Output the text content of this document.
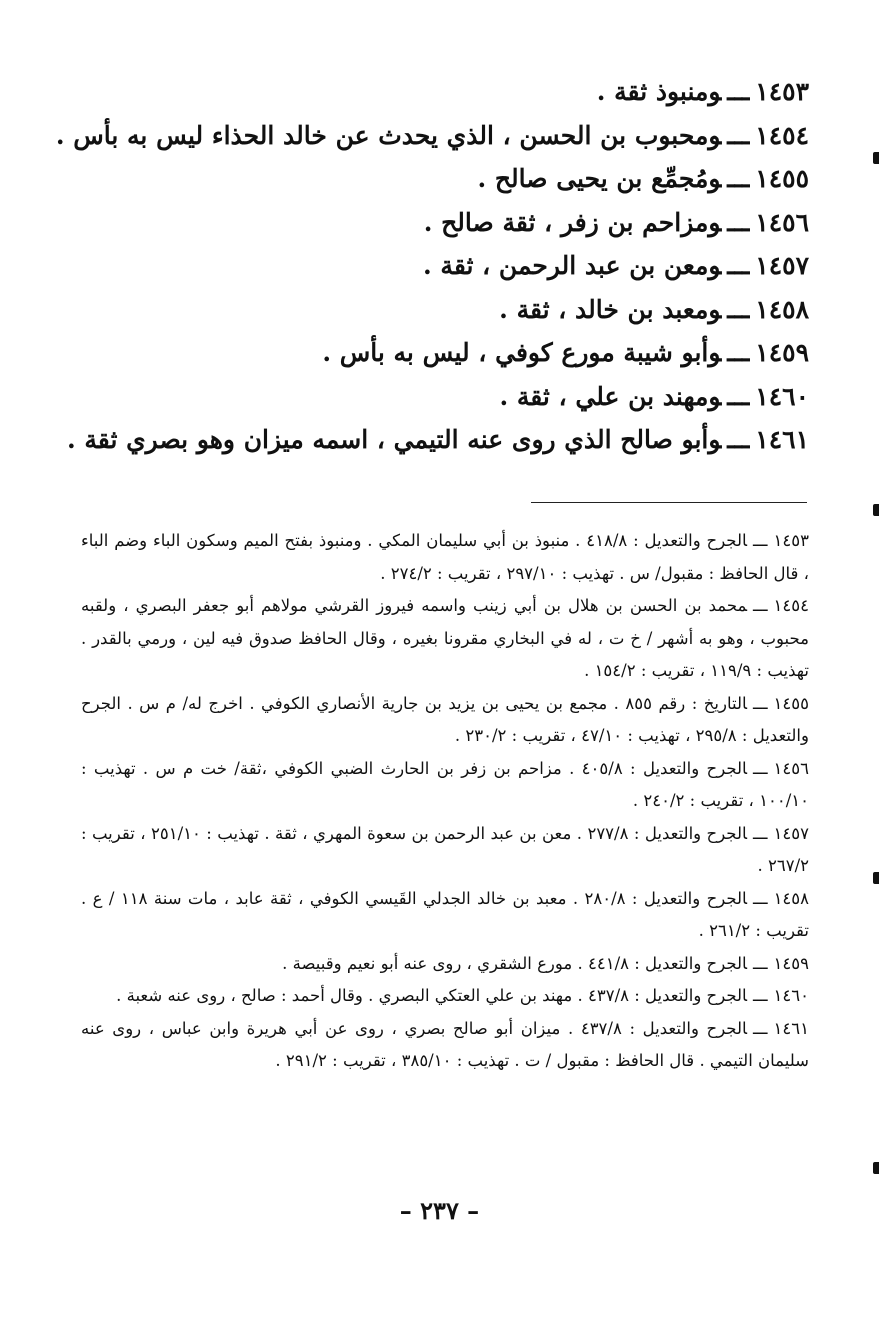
١٤٥٣ـــومنبوذ ثقة .
١٤٥٤ـــومحبوب بن الحسن ، الذي يحدث عن خالد الحذاء ليس به بأس .
١٤٥٥ـــومُجمِّع بن يحيى صالح .
١٤٥٦ـــومزاحم بن زفر ، ثقة صالح .
١٤٥٧ـــومعن بن عبد الرحمن ، ثقة .
١٤٥٨ـــومعبد بن خالد ، ثقة .
١٤٥٩ـــوأبو شيبة مورع كوفي ، ليس به بأس .
١٤٦٠ـــومهند بن علي ، ثقة .
١٤٦١ـــوأبو صالح الذي روى عنه التيمي ، اسمه ميزان وهو بصري ثقة .
١٤٥٣ـــالجرح والتعديل : ٤١٨/٨ . منبوذ بن أبي سليمان المكي . ومنبوذ بفتح الميم وسكون الباء وضم الباء ، قال الحافظ : مقبول/ س . تهذيب : ٢٩٧/١٠ ، تقريب : ٢٧٤/٢ .
١٤٥٤ـــمحمد بن الحسن بن هلال بن أبي زينب واسمه فيروز القرشي مولاهم أبو جعفر البصري ، ولقبه محبوب ، وهو به أشهر / خ ت ، له في البخاري مقرونا بغيره ، وقال الحافظ صدوق فيه لين ، ورمي بالقدر . تهذيب : ١١٩/٩ ، تقريب : ١٥٤/٢ .
١٤٥٥ـــالتاريخ : رقم ٨٥٥ . مجمع بن يحيى بن يزيد بن جارية الأنصاري الكوفي . اخرج له/ م س . الجرح والتعديل : ٢٩٥/٨ ، تهذيب : ٤٧/١٠ ، تقريب : ٢٣٠/٢ .
١٤٥٦ـــالجرح والتعديل : ٤٠٥/٨ . مزاحم بن زفر بن الحارث الضبي الكوفي ،ثقة/ خت م س . تهذيب : ١٠٠/١٠ ، تقريب : ٢٤٠/٢ .
١٤٥٧ـــالجرح والتعديل : ٢٧٧/٨ . معن بن عبد الرحمن بن سعوة المهري ، ثقة . تهذيب : ٢٥١/١٠ ، تقريب : ٢٦٧/٢ .
١٤٥٨ـــالجرح والتعديل : ٢٨٠/٨ . معبد بن خالد الجدلي القَيسي الكوفي ، ثقة عابد ، مات سنة ١١٨ / ع . تقريب : ٢٦١/٢ .
١٤٥٩ـــالجرح والتعديل : ٤٤١/٨ . مورع الشقري ، روى عنه أبو نعيم وقبيصة .
١٤٦٠ـــالجرح والتعديل : ٤٣٧/٨ . مهند بن علي العتكي البصري . وقال أحمد : صالح ، روى عنه شعبة .
١٤٦١ـــالجرح والتعديل : ٤٣٧/٨ . ميزان أبو صالح بصري ، روى عن أبي هريرة وابن عباس ، روى عنه سليمان التيمي . قال الحافظ : مقبول / ت . تهذيب : ٣٨٥/١٠ ، تقريب : ٢٩١/٢ .
– ٢٣٧ –
